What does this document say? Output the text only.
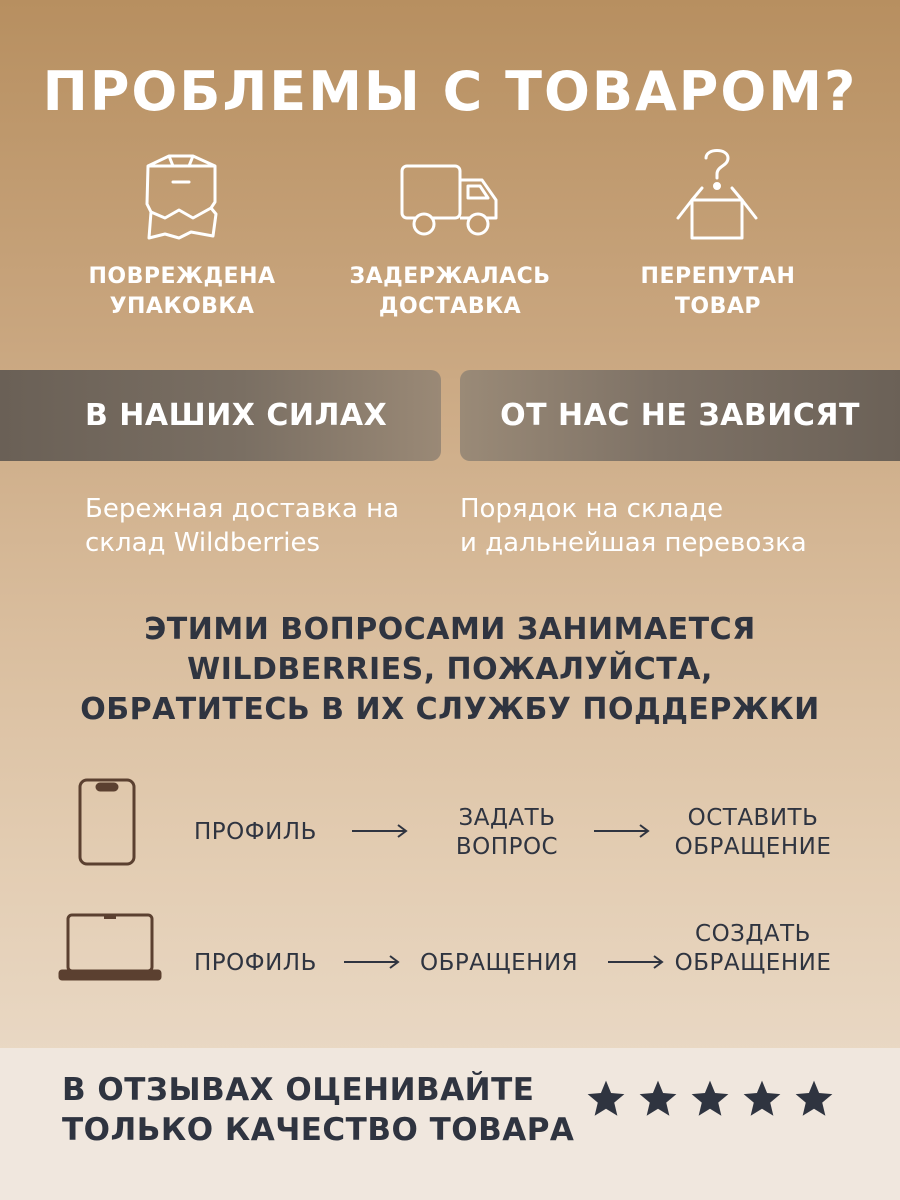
ПРОБЛЕМЫ С ТОВАРОМ?
ПОВРЕЖДЕНА
УПАКОВКА
ЗАДЕРЖАЛАСЬ
ДОСТАВКА
ПЕРЕПУТАН
ТОВАР
В НАШИХ СИЛАХ	ОТ НАС НЕ ЗАВИСЯТ
Бережная доставка на
склад Wildberries
Порядок на складе
и дальнейшая перевозка
ЭТИМИ ВОПРОСАМИ ЗАНИМАЕТСЯ
WILDBERRIES, ПОЖАЛУЙСТА,
ОБРАТИТЕСЬ В ИХ СЛУЖБУ ПОДДЕРЖКИ
ПРОФИЛЬ
ЗАДАТЬ
ВОПРОС
ОСТАВИТЬ
ОБРАЩЕНИЕ
ПРОФИЛЬ	ОБРАЩЕНИЯ
СОЗДАТЬ
ОБРАЩЕНИЕ
В ОТЗЫВАХ ОЦЕНИВАЙТЕ
ТОЛЬКО КАЧЕСТВО ТОВАРА
